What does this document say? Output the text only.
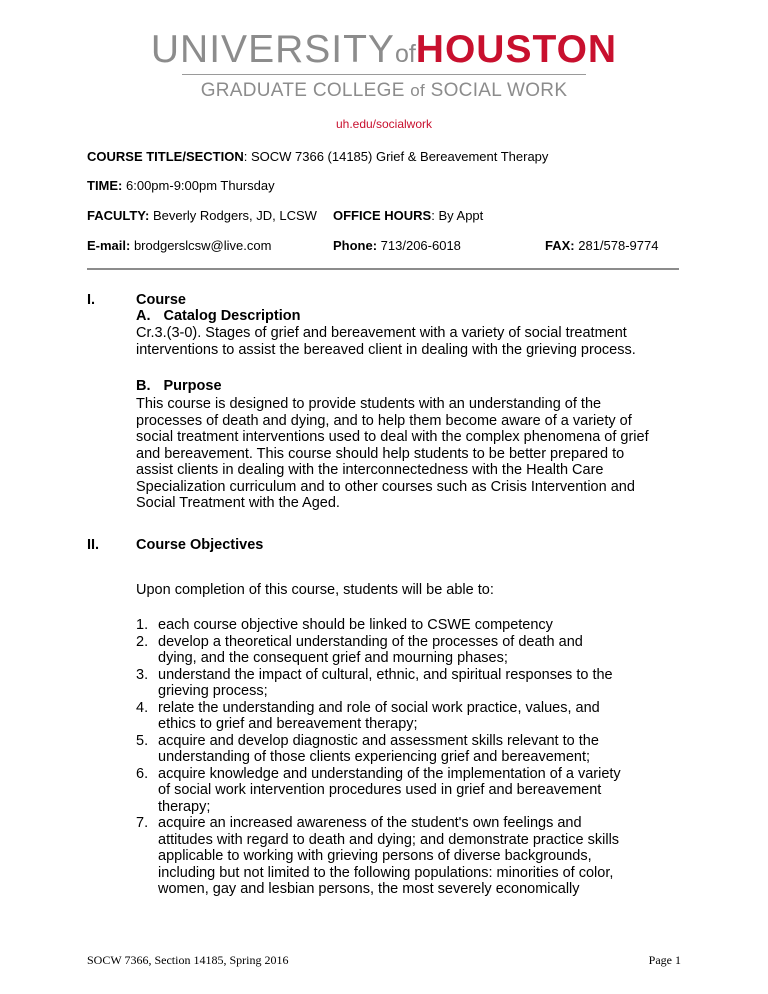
UNIVERSITYofHOUSTON
GRADUATE COLLEGE of SOCIAL WORK
uh.edu/socialwork
COURSE TITLE/SECTION: SOCW 7366 (14185) Grief & Bereavement Therapy
TIME: 6:00pm-9:00pm Thursday
FACULTY: Beverly Rodgers, JD, LCSW OFFICE HOURS: By Appt
E-mail: brodgerslcsw@live.com	Phone: 713/206-6018	FAX: 281/578-9774
I.	Course
A. Catalog Description
Cr.3.(3-0). Stages of grief and bereavement with a variety of social treatment
interventions to assist the bereaved client in dealing with the grieving process.
B. Purpose
This course is designed to provide students with an understanding of the
processes of death and dying, and to help them become aware of a variety of
social treatment interventions used to deal with the complex phenomena of grief
and bereavement. This course should help students to be better prepared to
assist clients in dealing with the interconnectedness with the Health Care
Specialization curriculum and to other courses such as Crisis Intervention and
Social Treatment with the Aged.
II.	Course Objectives
Upon completion of this course, students will be able to:
1. each course objective should be linked to CSWE competency
2. develop a theoretical understanding of the processes of death and
dying, and the consequent grief and mourning phases;
3. understand the impact of cultural, ethnic, and spiritual responses to the
grieving process;
4. relate the understanding and role of social work practice, values, and
ethics to grief and bereavement therapy;
5. acquire and develop diagnostic and assessment skills relevant to the
understanding of those clients experiencing grief and bereavement;
6. acquire knowledge and understanding of the implementation of a variety
of social work intervention procedures used in grief and bereavement
therapy;
7. acquire an increased awareness of the student's own feelings and
attitudes with regard to death and dying; and demonstrate practice skills
applicable to working with grieving persons of diverse backgrounds,
including but not limited to the following populations: minorities of color,
women, gay and lesbian persons, the most severely economically
SOCW 7366, Section 14185, Spring 2016	Page 1
